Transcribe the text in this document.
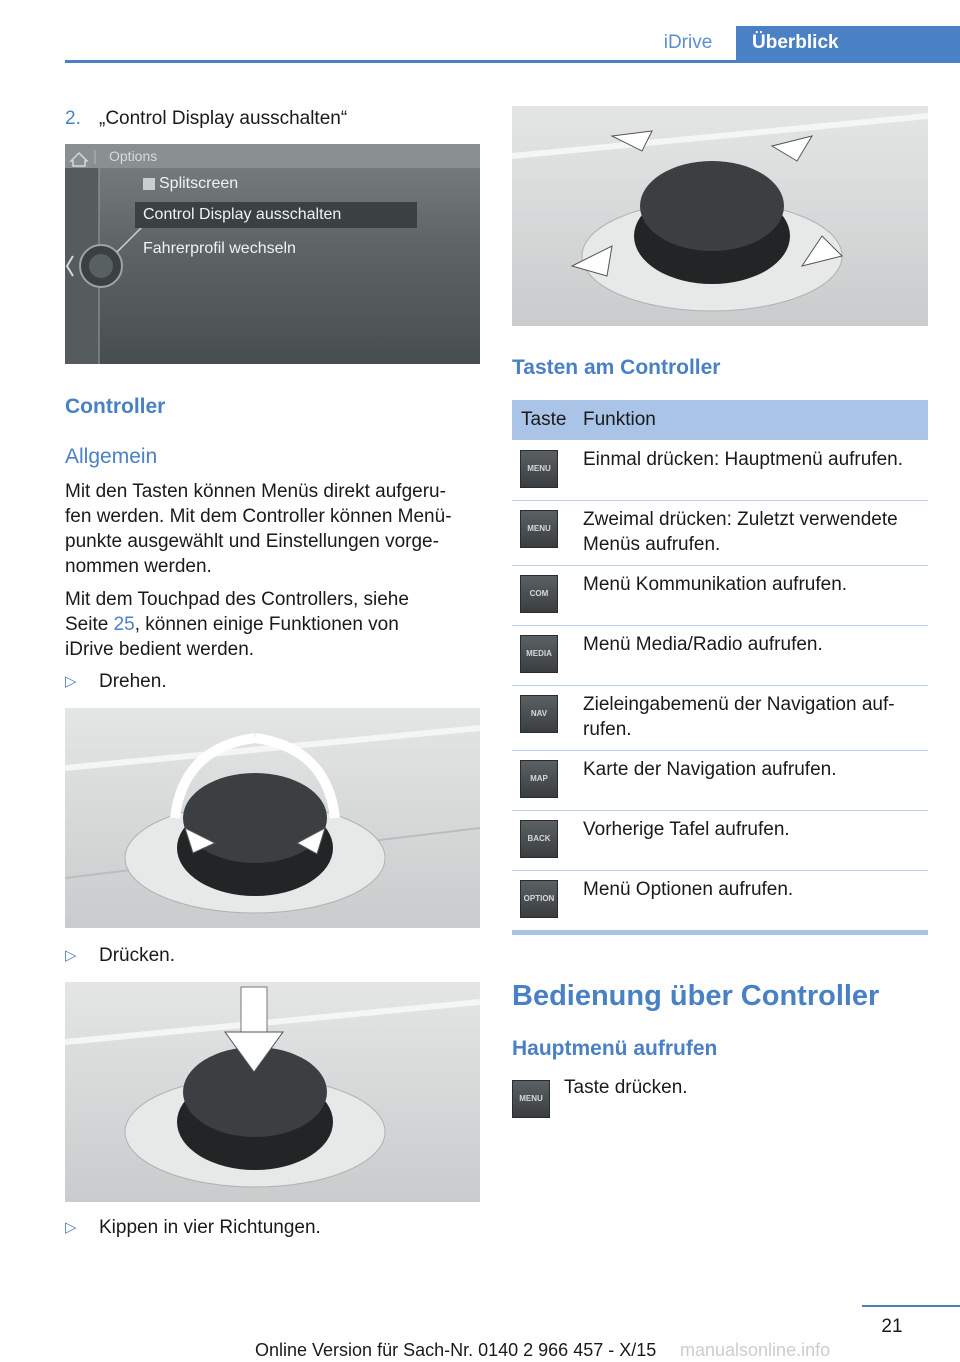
iDrive	Überblick
2. „Control Display ausschalten“
Options
Splitscreen
Control Display ausschalten
Fahrerprofil wechseln
Controller
Allgemein
Mit den Tasten können Menüs direkt aufgeru-
fen werden. Mit dem Controller können Menü-
punkte ausgewählt und Einstellungen vorge-
nommen werden.
Mit dem Touchpad des Controllers, siehe
Seite 25, können einige Funktionen von
iDrive bedient werden.
▷ Drehen.
▷ Drücken.
▷ Kippen in vier Richtungen.
Tasten am Controller
Taste Funktion
MENU	Einmal drücken: Hauptmenü aufrufen.
MENU	Zweimal drücken: Zuletzt verwendete
Menüs aufrufen.
COM	Menü Kommunikation aufrufen.
MEDIA	Menü Media/Radio aufrufen.
NAV	Zieleingabemenü der Navigation auf-
rufen.
MAP	Karte der Navigation aufrufen.
BACK	Vorherige Tafel aufrufen.
OPTION Menü Optionen aufrufen.
Bedienung über Controller
Hauptmenü aufrufen
MENU
Taste drücken.
21
Online Version für Sach-Nr. 0140 2 966 457 - X/15 manualsonline.info
